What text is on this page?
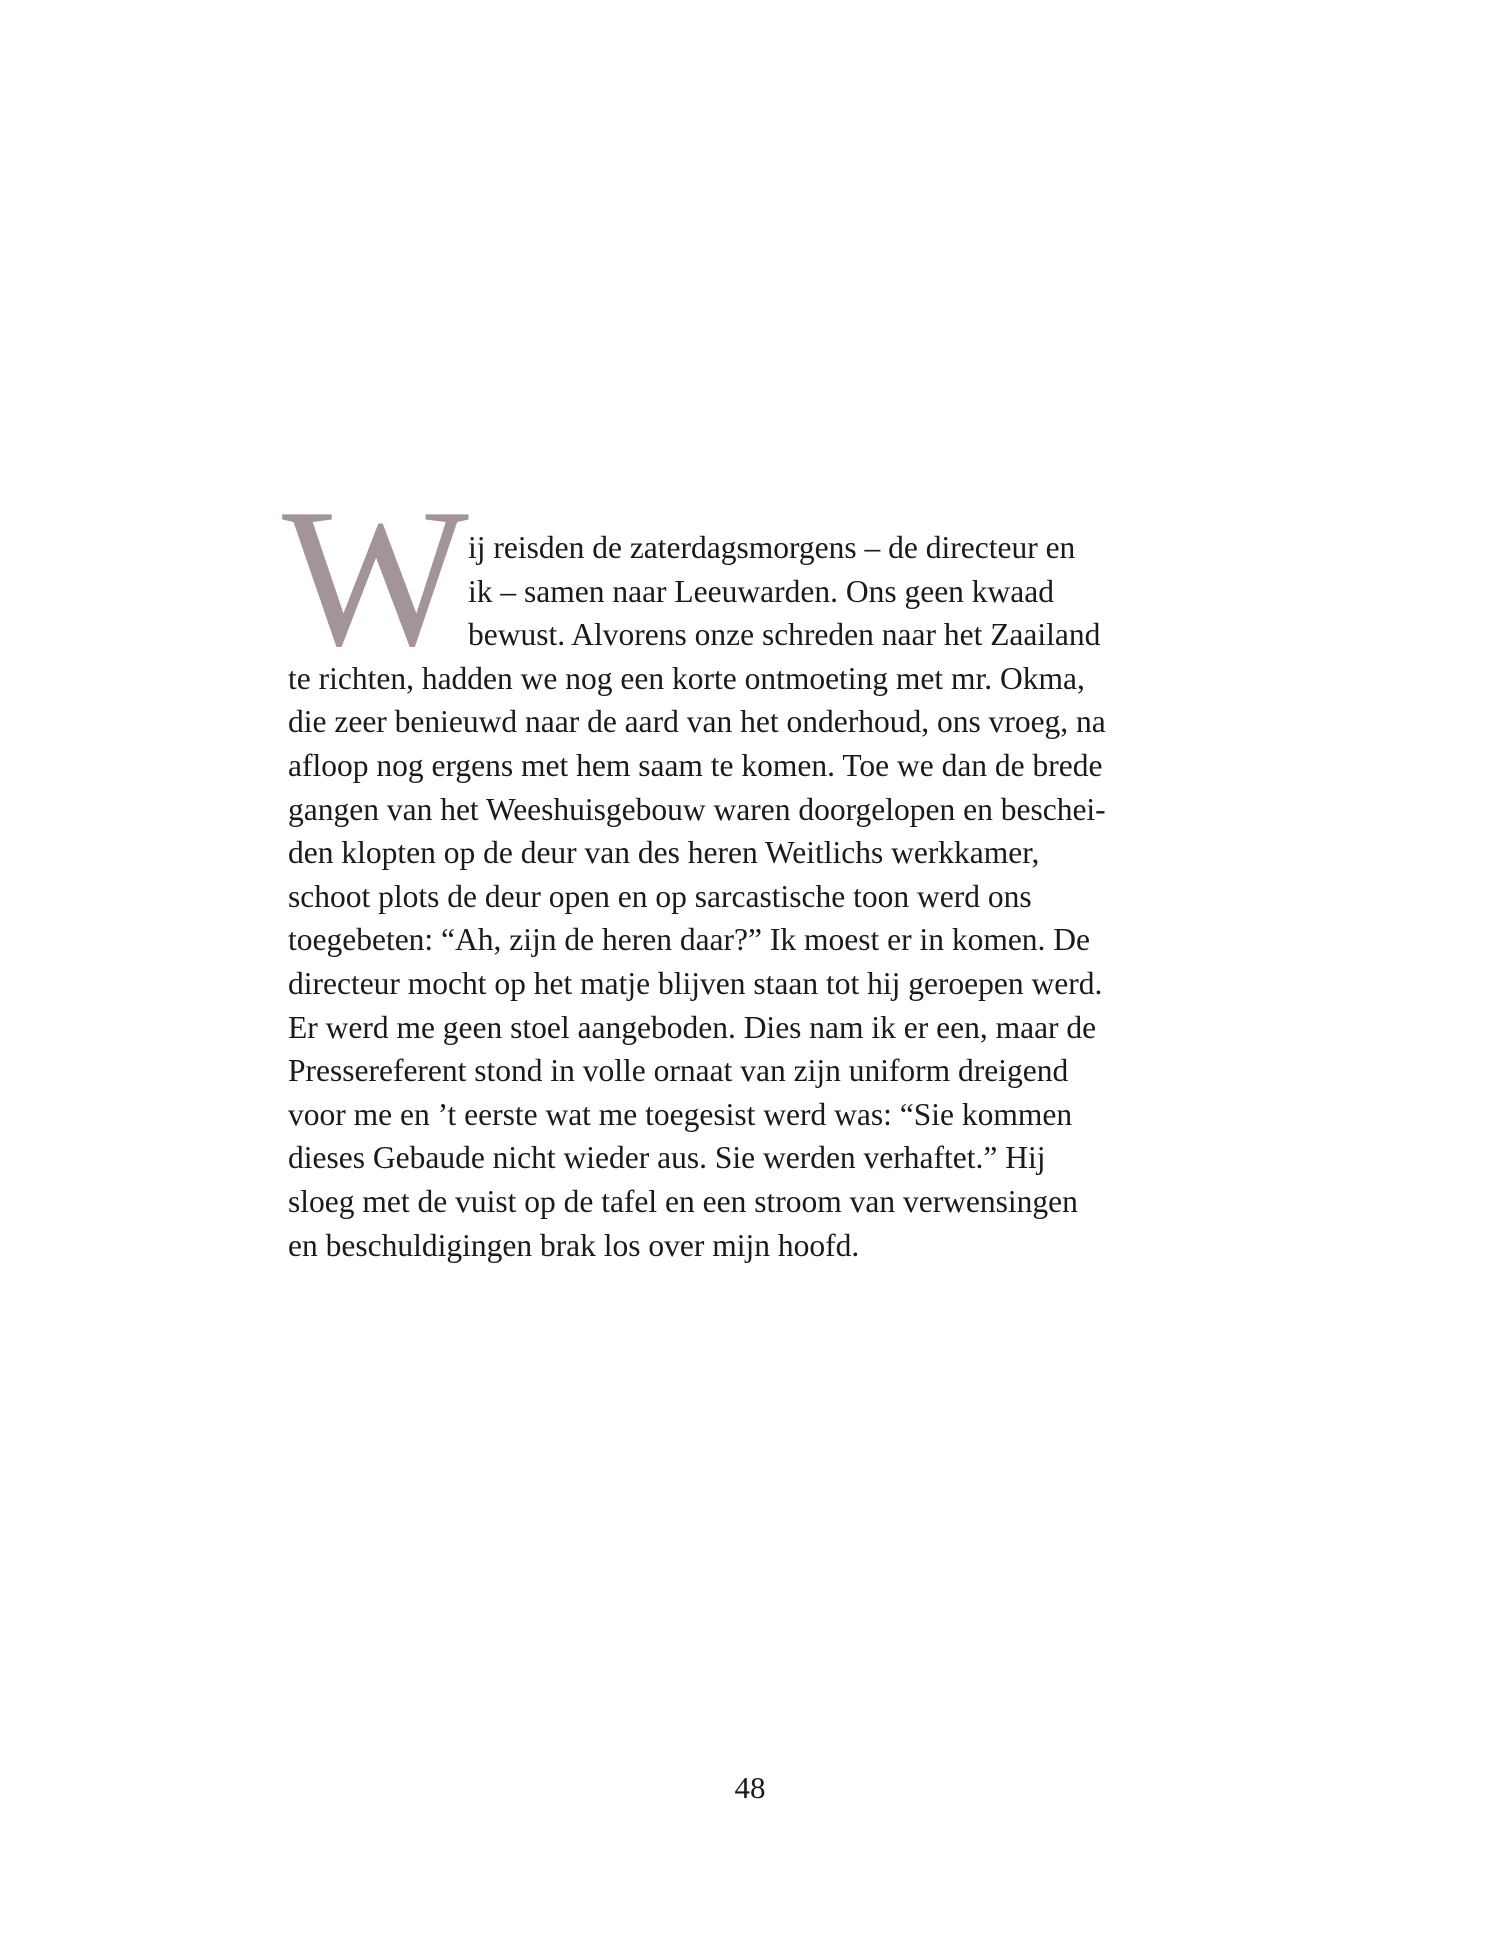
W ij reisden de zaterdagsmorgens – de directeur en
ik – samen naar Leeuwarden. Ons geen kwaad
bewust. Alvorens onze schreden naar het Zaailand
te richten, hadden we nog een korte ontmoeting met mr. Okma,
die zeer benieuwd naar de aard van het onderhoud, ons vroeg, na
afloop nog ergens met hem saam te komen. Toe we dan de brede
gangen van het Weeshuisgebouw waren doorgelopen en beschei-
den klopten op de deur van des heren Weitlichs werkkamer,
schoot plots de deur open en op sarcastische toon werd ons
toegebeten: “Ah, zijn de heren daar?” Ik moest er in komen. De
directeur mocht op het matje blijven staan tot hij geroepen werd.
Er werd me geen stoel aangeboden. Dies nam ik er een, maar de
Pressereferent stond in volle ornaat van zijn uniform dreigend
voor me en ’t eerste wat me toegesist werd was: “Sie kommen
dieses Gebaude nicht wieder aus. Sie werden verhaftet.” Hij
sloeg met de vuist op de tafel en een stroom van verwensingen
en beschuldigingen brak los over mijn hoofd.
48
